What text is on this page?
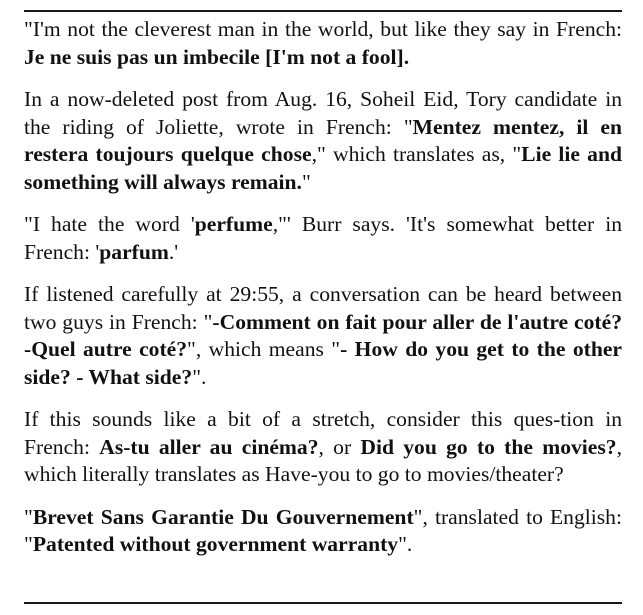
"I'm not the cleverest man in the world, but like they say in French: Je ne suis pas un imbecile [I'm not a fool].
In a now-deleted post from Aug. 16, Soheil Eid, Tory candidate in the riding of Joliette, wrote in French: "Mentez mentez, il en restera toujours quelque chose," which translates as, "Lie lie and something will always remain."
"I hate the word 'perfume,"' Burr says. 'It's somewhat better in French: 'parfum.'
If listened carefully at 29:55, a conversation can be heard between two guys in French: "-Comment on fait pour aller de l'autre coté? -Quel autre coté?", which means "- How do you get to the other side? - What side?".
If this sounds like a bit of a stretch, consider this ques-tion in French: As-tu aller au cinéma?, or Did you go to the movies?, which literally translates as Have-you to go to movies/theater?
"Brevet Sans Garantie Du Gouvernement", translated to English: "Patented without government warranty".
